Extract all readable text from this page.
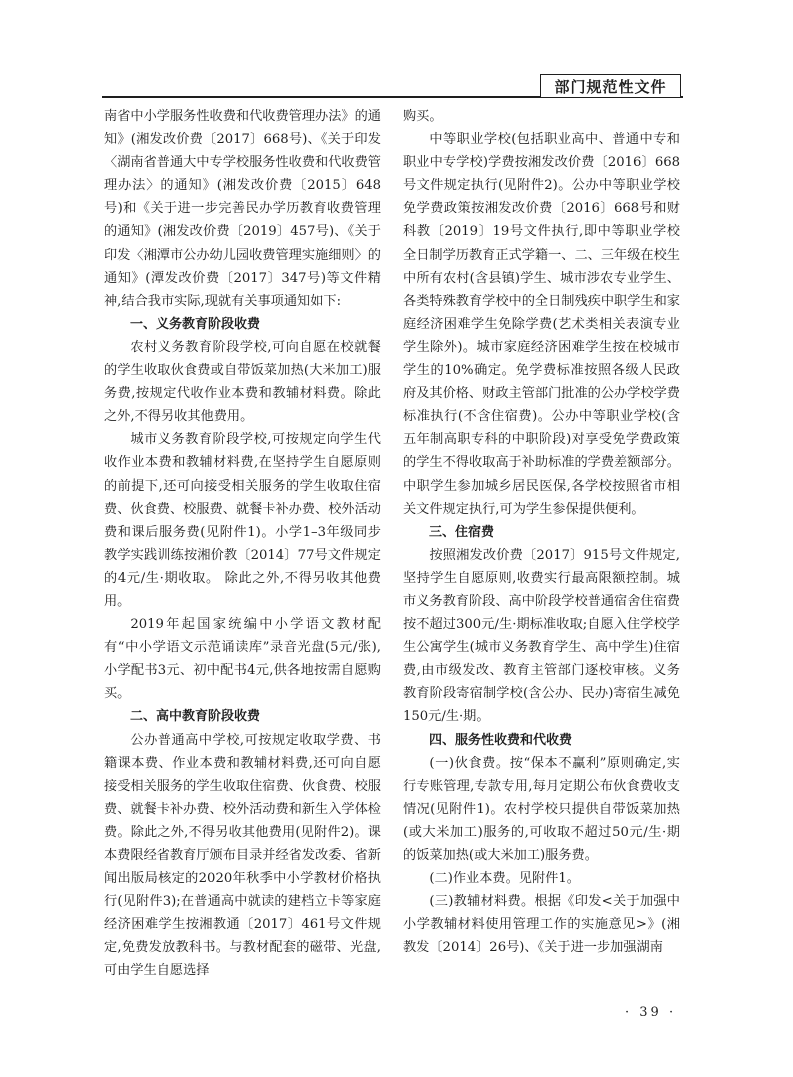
部门规范性文件

南省中小学服务性收费和代收费管理办法》的通知》(湘发改价费〔2017〕668号)、《关于印发〈湖南省普通大中专学校服务性收费和代收费管理办法〉的通知》(湘发改价费〔2015〕648号)和《关于进一步完善民办学历教育收费管理的通知》(湘发改价费〔2019〕457号)、《关于印发〈湘潭市公办幼儿园收费管理实施细则〉的通知》(潭发改价费〔2017〕347号)等文件精神,结合我市实际,现就有关事项通知如下:

一、义务教育阶段收费

农村义务教育阶段学校,可向自愿在校就餐的学生收取伙食费或自带饭菜加热(大米加工)服务费,按规定代收作业本费和教辅材料费。除此之外,不得另收其他费用。

城市义务教育阶段学校,可按规定向学生代收作业本费和教辅材料费,在坚持学生自愿原则的前提下,还可向接受相关服务的学生收取住宿费、伙食费、校服费、就餐卡补办费、校外活动费和课后服务费(见附件1)。小学1–3年级同步教学实践训练按湘价教〔2014〕77号文件规定的4元/生·期收取。 除此之外,不得另收其他费用。

2019年起国家统编中小学语文教材配有“中小学语文示范诵读库”录音光盘(5元/张),小学配书3元、初中配书4元,供各地按需自愿购买。

二、高中教育阶段收费

公办普通高中学校,可按规定收取学费、书籍课本费、作业本费和教辅材料费,还可向自愿接受相关服务的学生收取住宿费、伙食费、校服费、就餐卡补办费、校外活动费和新生入学体检费。除此之外,不得另收其他费用(见附件2)。课本费限经省教育厅颁布目录并经省发改委、省新闻出版局核定的2020年秋季中小学教材价格执行(见附件3);在普通高中就读的建档立卡等家庭经济困难学生按湘教通〔2017〕461号文件规定,免费发放教科书。与教材配套的磁带、光盘,可由学生自愿选择

购买。

中等职业学校(包括职业高中、普通中专和职业中专学校)学费按湘发改价费〔2016〕668号文件规定执行(见附件2)。公办中等职业学校免学费政策按湘发改价费〔2016〕668号和财科教〔2019〕19号文件执行,即中等职业学校全日制学历教育正式学籍一、二、三年级在校生中所有农村(含县镇)学生、城市涉农专业学生、各类特殊教育学校中的全日制残疾中职学生和家庭经济困难学生免除学费(艺术类相关表演专业学生除外)。城市家庭经济困难学生按在校城市学生的10%确定。免学费标准按照各级人民政府及其价格、财政主管部门批准的公办学校学费标准执行(不含住宿费)。公办中等职业学校(含五年制高职专科的中职阶段)对享受免学费政策的学生不得收取高于补助标准的学费差额部分。中职学生参加城乡居民医保,各学校按照省市相关文件规定执行,可为学生参保提供便利。

三、住宿费

按照湘发改价费〔2017〕915号文件规定,坚持学生自愿原则,收费实行最高限额控制。城市义务教育阶段、高中阶段学校普通宿舍住宿费按不超过300元/生·期标准收取;自愿入住学校学生公寓学生(城市义务教育学生、高中学生)住宿费,由市级发改、教育主管部门逐校审核。义务教育阶段寄宿制学校(含公办、民办)寄宿生减免150元/生·期。

四、服务性收费和代收费

(一)伙食费。按“保本不赢利”原则确定,实行专账管理,专款专用,每月定期公布伙食费收支情况(见附件1)。农村学校只提供自带饭菜加热(或大米加工)服务的,可收取不超过50元/生·期的饭菜加热(或大米加工)服务费。

(二)作业本费。见附件1。

(三)教辅材料费。根据《印发<关于加强中小学教辅材料使用管理工作的实施意见>》(湘教发〔2014〕26号)、《关于进一步加强湖南

· 39 ·
